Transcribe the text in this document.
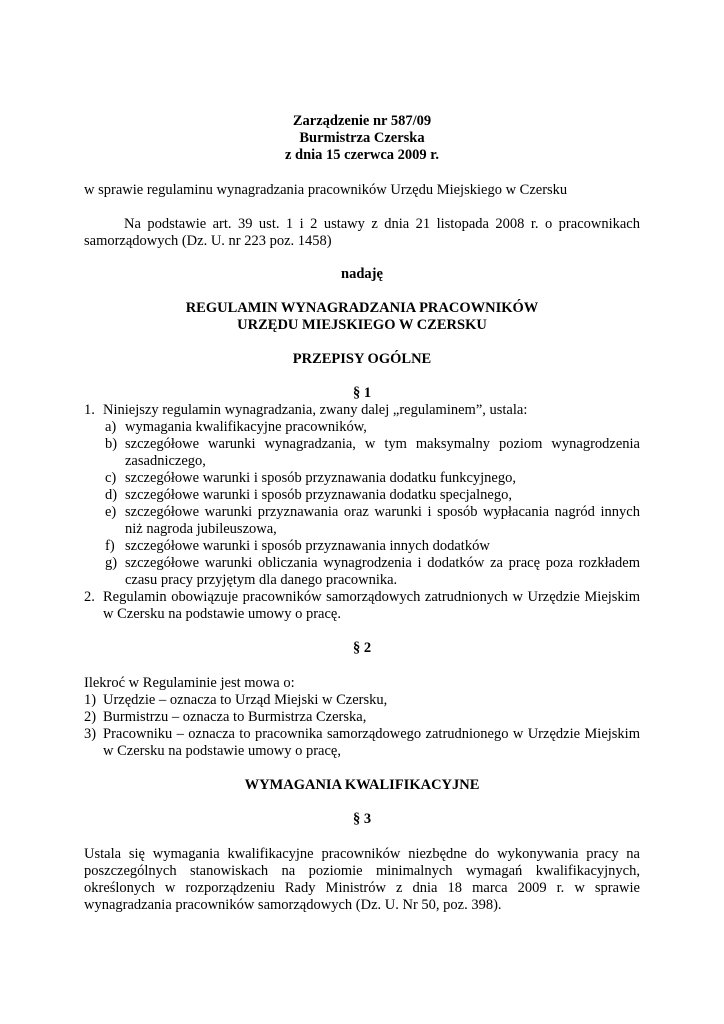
Zarządzenie nr 587/09
Burmistrza Czerska
z dnia 15 czerwca 2009 r.
w sprawie regulaminu wynagradzania pracowników Urzędu Miejskiego w Czersku
Na podstawie art. 39 ust. 1 i 2 ustawy z dnia 21 listopada 2008 r. o pracownikach samorządowych (Dz. U. nr 223 poz. 1458)
nadaję
REGULAMIN WYNAGRADZANIA PRACOWNIKÓW
URZĘDU MIEJSKIEGO W CZERSKU
PRZEPISY OGÓLNE
§ 1
1. Niniejszy regulamin wynagradzania, zwany dalej „regulaminem”, ustala:
a) wymagania kwalifikacyjne pracowników,
b) szczegółowe warunki wynagradzania, w tym maksymalny poziom wynagrodzenia zasadniczego,
c) szczegółowe warunki i sposób przyznawania dodatku funkcyjnego,
d) szczegółowe warunki i sposób przyznawania dodatku specjalnego,
e) szczegółowe warunki przyznawania oraz warunki i sposób wypłacania nagród innych niż nagroda jubileuszowa,
f) szczegółowe warunki i sposób przyznawania innych dodatków
g) szczegółowe warunki obliczania wynagrodzenia i dodatków za pracę poza rozkładem czasu pracy przyjętym dla danego pracownika.
2. Regulamin obowiązuje pracowników samorządowych zatrudnionych w Urzędzie Miejskim w Czersku na podstawie umowy o pracę.
§ 2
Ilekroć w Regulaminie jest mowa o:
1) Urzędzie – oznacza to Urząd Miejski w Czersku,
2) Burmistrzu – oznacza to Burmistrza Czerska,
3) Pracowniku – oznacza to pracownika samorządowego zatrudnionego w Urzędzie Miejskim w Czersku na podstawie umowy o pracę,
WYMAGANIA KWALIFIKACYJNE
§ 3
Ustala się wymagania kwalifikacyjne pracowników niezbędne do wykonywania pracy na poszczególnych stanowiskach na poziomie minimalnych wymagań kwalifikacyjnych, określonych w rozporządzeniu Rady Ministrów z dnia 18 marca 2009 r. w sprawie wynagradzania pracowników samorządowych (Dz. U. Nr 50, poz. 398).
